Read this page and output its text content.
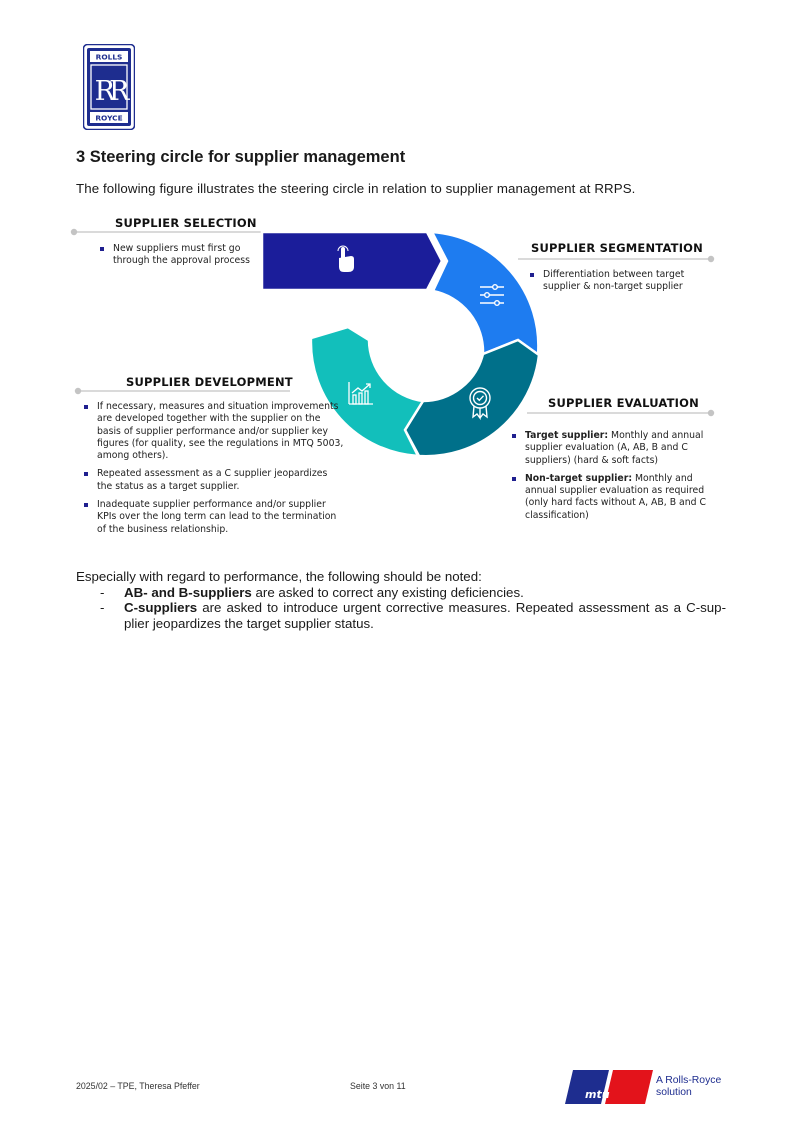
ROLLS
RR
ROYCE
3 Steering circle for supplier management
The following figure illustrates the steering circle in relation to supplier management at RRPS.
SUPPLIER SELECTION
New suppliers must first go through the approval process
SUPPLIER SEGMENTATION
Differentiation between target supplier & non-target supplier
SUPPLIER EVALUATION
Target supplier: Monthly and annual supplier evaluation (A, AB, B and C suppliers) (hard & soft facts)
Non-target supplier: Monthly and annual supplier evaluation as required (only hard facts without A, AB, B and C classification)
SUPPLIER DEVELOPMENT
If necessary, measures and situation improvements are developed together with the supplier on the basis of supplier performance and/or supplier key figures (for quality, see the regulations in MTQ 5003, among others).
Repeated assessment as a C supplier jeopardizes the status as a target supplier.
Inadequate supplier performance and/or supplier KPIs over the long term can lead to the termination of the business relationship.

Especially with regard to performance, the following should be noted:

- AB- and B-suppliers are asked to correct any existing deficiencies.

- C-suppliers are asked to introduce urgent corrective measures. Repeated assessment as a C-sup- plier jeopardizes the target supplier status.

2025/02 – TPE, Theresa Pfeffer	Seite 3 von 11
mtu
A Rolls-Royce
solution
